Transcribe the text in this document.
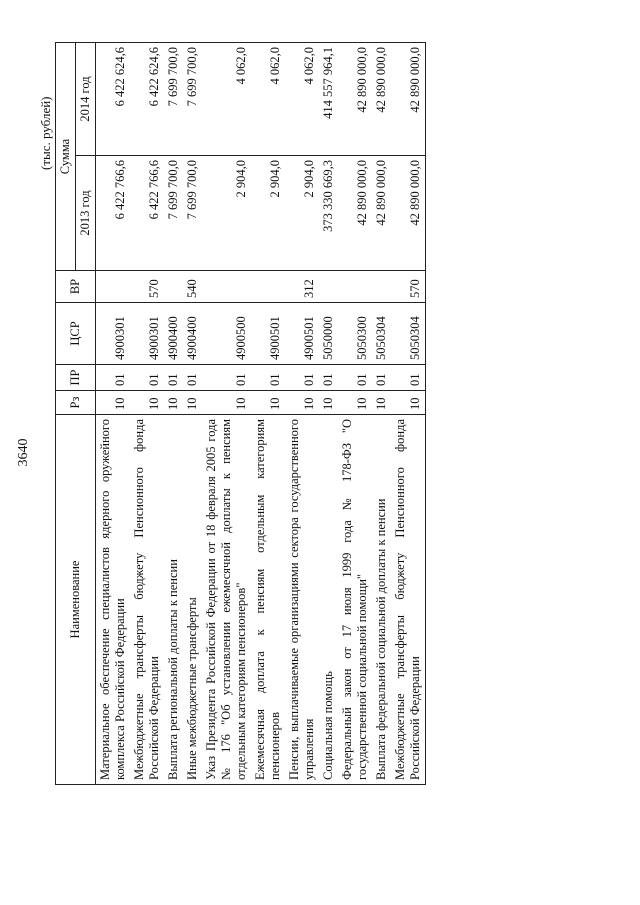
3640
(тыс. рублей)
Наименование	Рз	ПР	ЦСР	ВР	Сумма	
					2013 год	2014 год
Материальное обеспечение специалистов ядерного оружейного комплекса Российской Федерации	10	01	4900301		6 422 766,6	6 422 624,6
Межбюджетные трансферты бюджету Пенсионного фонда Российской Федерации	10	01	4900301	570	6 422 766,6	6 422 624,6
Выплата региональной доплаты к пенсии	10	01	4900400		7 699 700,0	7 699 700,0
Иные межбюджетные трансферты	10	01	4900400	540	7 699 700,0	7 699 700,0
Указ Президента Российской Федерации от 18 февраля 2005 года № 176 "Об установлении ежемесячной доплаты к пенсиям отдельным категориям пенсионеров"	10	01	4900500		2 904,0	4 062,0
Ежемесячная доплата к пенсиям отдельным категориям пенсионеров	10	01	4900501		2 904,0	4 062,0
Пенсии, выплачиваемые организациями сектора государственного управления	10	01	4900501	312	2 904,0	4 062,0
Социальная помощь	10	01	5050000		373 330 669,3	414 557 964,1
Федеральный закон от 17 июля 1999 года № 178-ФЗ "О государственной социальной помощи"	10	01	5050300		42 890 000,0	42 890 000,0
Выплата федеральной социальной доплаты к пенсии	10	01	5050304		42 890 000,0	42 890 000,0
Межбюджетные трансферты бюджету Пенсионного фонда Российской Федерации	10	01	5050304	570	42 890 000,0	42 890 000,0
